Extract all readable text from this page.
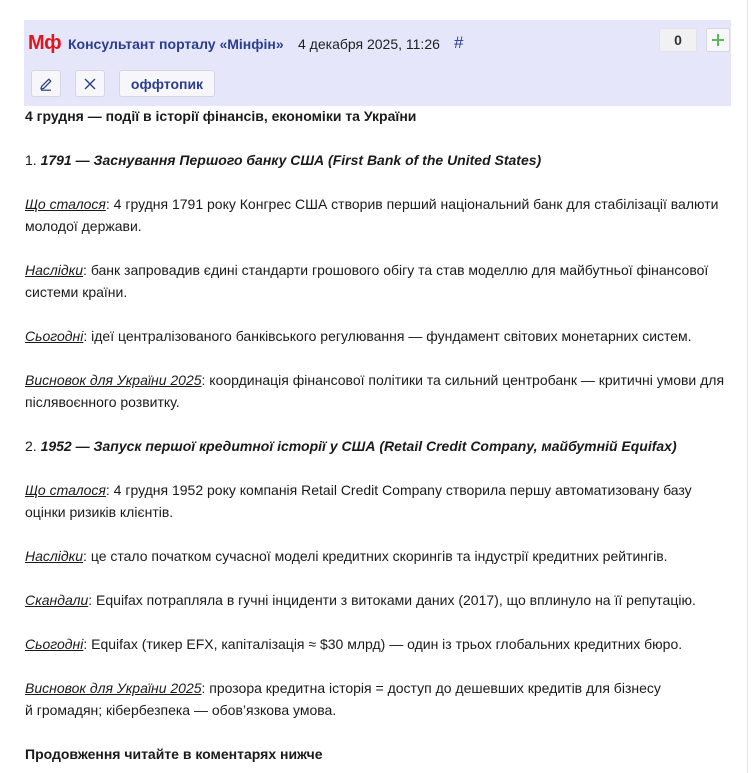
Мф Консультант порталу «Мінфін» 4 декабря 2025, 11:26 #	0
оффтопик

4 грудня — події в історії фінансів, економіки та України

1. 1791 — Заснування Першого банку США (First Bank of the United States)

Що сталося: 4 грудня 1791 року Конгрес США створив перший національний банк для стабілізації валюти молодої держави.

Наслідки: банк запровадив єдині стандарти грошового обігу та став моделлю для майбутньої фінансової системи країни.

Сьогодні: ідеї централізованого банківського регулювання — фундамент світових монетарних систем.

Висновок для України 2025: координація фінансової політики та сильний центробанк — критичні умови для післявоєнного розвитку.

2. 1952 — Запуск першої кредитної історії у США (Retail Credit Company, майбутній Equifax)

Що сталося: 4 грудня 1952 року компанія Retail Credit Company створила першу автоматизовану базу оцінки ризиків клієнтів.

Наслідки: це стало початком сучасної моделі кредитних скорингів та індустрії кредитних рейтингів.

Скандали: Equifax потрапляла в гучні інциденти з витоками даних (2017), що вплинуло на її репутацію.

Сьогодні: Equifax (тикер EFX, капіталізація ≈ $30 млрд) — один із трьох глобальних кредитних бюро.

Висновок для України 2025: прозора кредитна історія = доступ до дешевших кредитів для бізнесу
й громадян; кібербезпека — обов’язкова умова.

Продовження читайте в коментарях нижче
